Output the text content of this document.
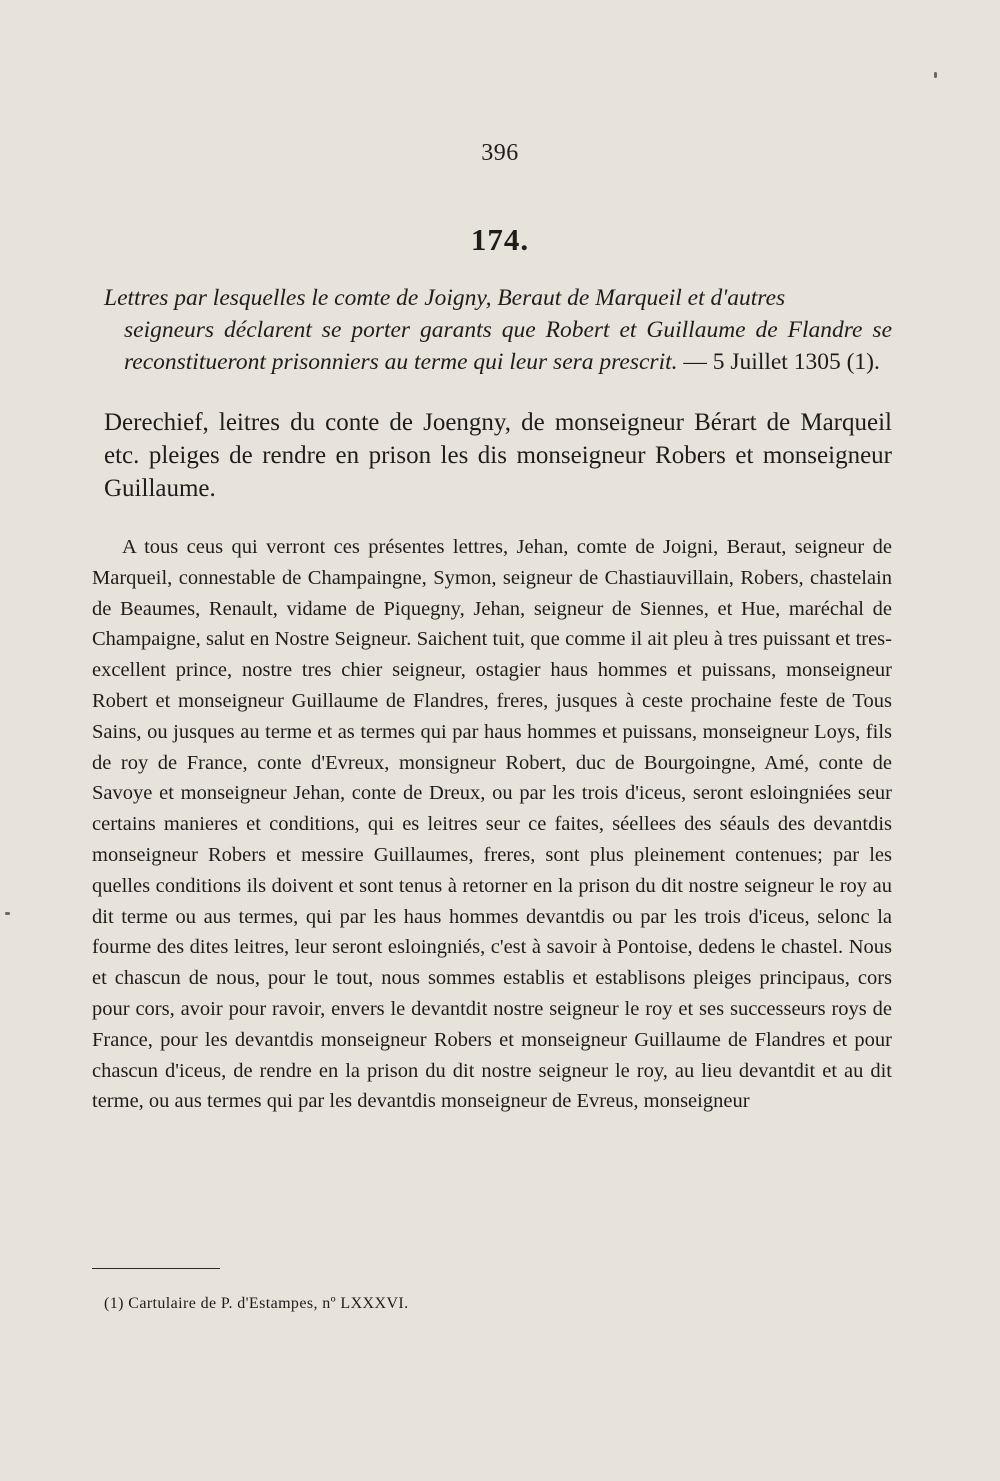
396
174.
Lettres par lesquelles le comte de Joigny, Beraut de Marqueil et d'autres
seigneurs déclarent se porter garants que Robert et Guillaume de Flandre se reconstitueront prisonniers au terme qui leur sera prescrit. — 5 Juillet 1305 (1).
Derechief, leitres du conte de Joengny, de monseigneur Bérart de Marqueil etc. pleiges de rendre en prison les dis monseigneur Robers et monseigneur Guillaume.
A tous ceus qui verront ces présentes lettres, Jehan, comte de Joigni, Beraut, seigneur de Marqueil, connestable de Champaingne, Symon, seigneur de Chastiauvillain, Robers, chastelain de Beaumes, Renault, vidame de Piquegny, Jehan, seigneur de Siennes, et Hue, maréchal de Champaigne, salut en Nostre Seigneur. Saichent tuit, que comme il ait pleu à tres puissant et tres-excellent prince, nostre tres chier seigneur, ostagier haus hommes et puissans, monseigneur Robert et monseigneur Guillaume de Flandres, freres, jusques à ceste prochaine feste de Tous Sains, ou jusques au terme et as termes qui par haus hommes et puissans, monseigneur Loys, fils de roy de France, conte d'Evreux, monsigneur Robert, duc de Bourgoingne, Amé, conte de Savoye et monseigneur Jehan, conte de Dreux, ou par les trois d'iceus, seront esloingniées seur certains manieres et conditions, qui es leitres seur ce faites, séellees des séauls des devantdis monseigneur Robers et messire Guillaumes, freres, sont plus pleinement contenues; par les quelles conditions ils doivent et sont tenus à retorner en la prison du dit nostre seigneur le roy au dit terme ou aus termes, qui par les haus hommes devantdis ou par les trois d'iceus, selonc la fourme des dites leitres, leur seront esloingniés, c'est à savoir à Pontoise, dedens le chastel. Nous et chascun de nous, pour le tout, nous sommes establis et establisons pleiges principaus, cors pour cors, avoir pour ravoir, envers le devantdit nostre seigneur le roy et ses successeurs roys de France, pour les devantdis monseigneur Robers et monseigneur Guillaume de Flandres et pour chascun d'iceus, de rendre en la prison du dit nostre seigneur le roy, au lieu devantdit et au dit terme, ou aus termes qui par les devantdis monseigneur de Evreus, monseigneur
(1) Cartulaire de P. d'Estampes, nº LXXXVI.
